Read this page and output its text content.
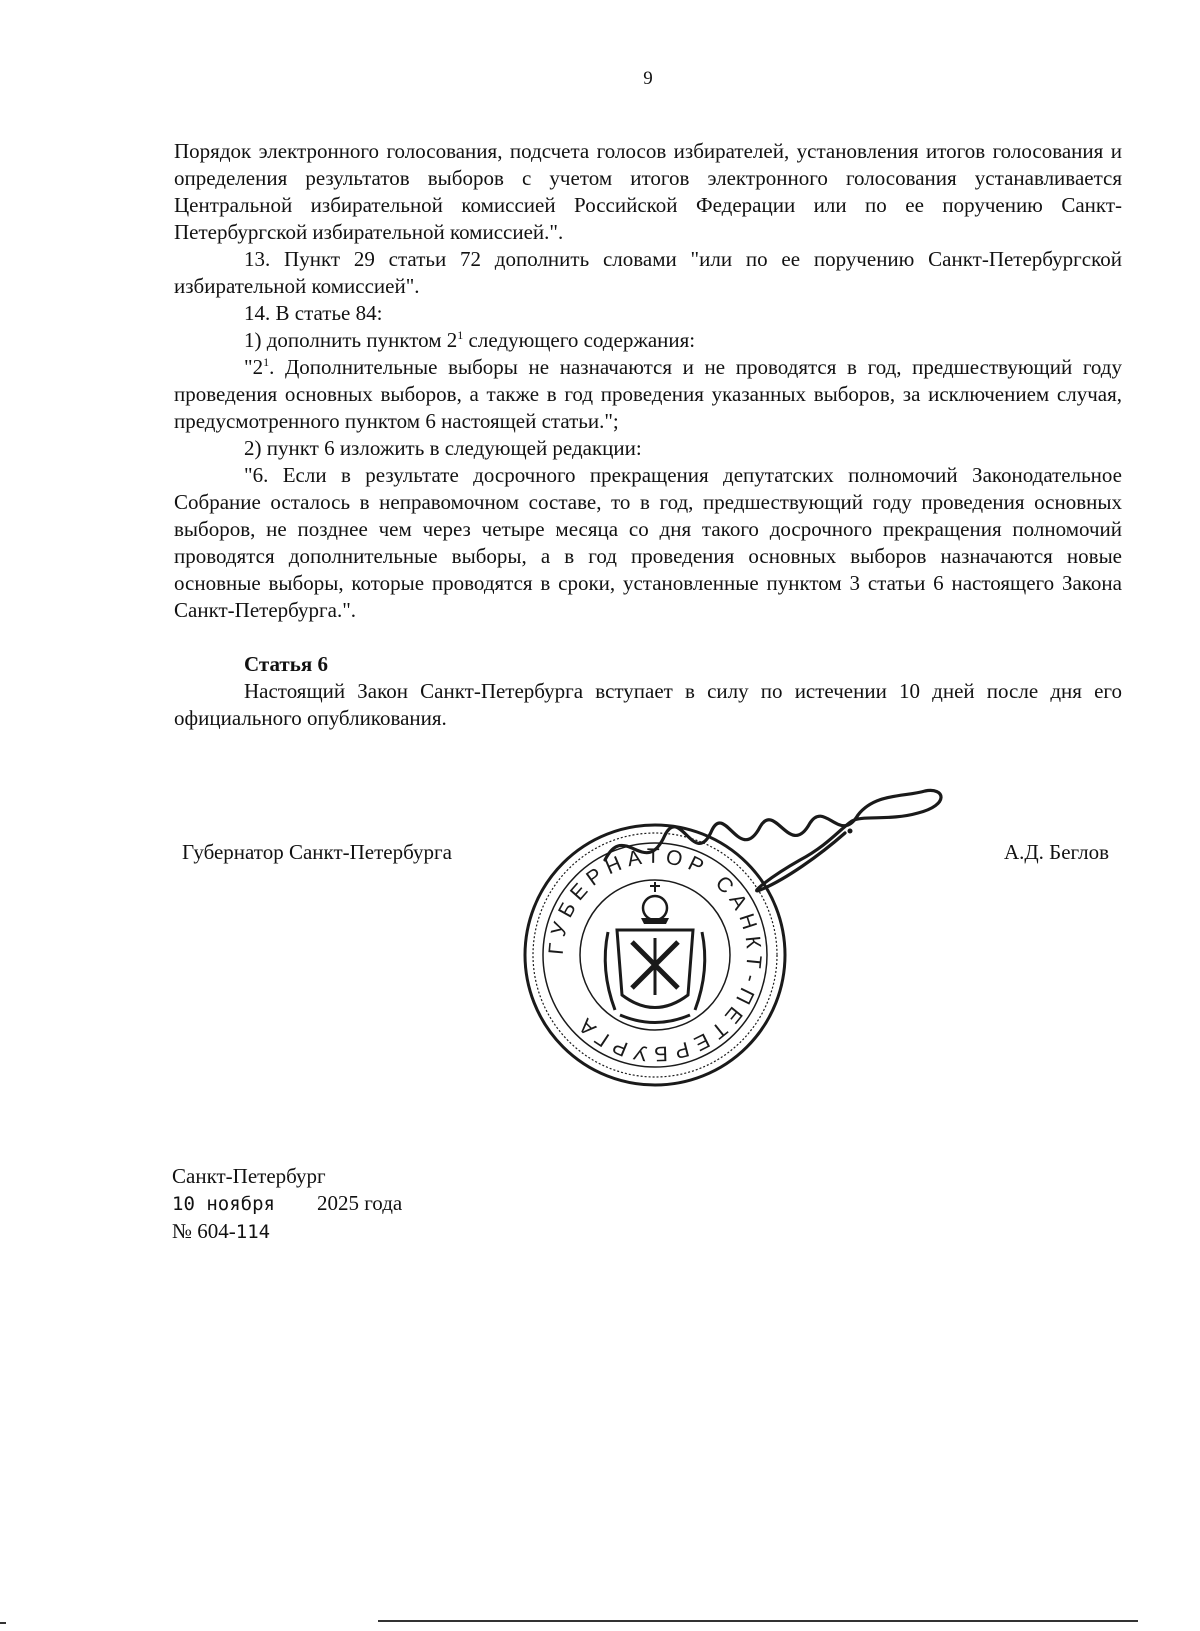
9

Порядок электронного голосования, подсчета голосов избирателей, установления итогов голосования и определения результатов выборов с учетом итогов электронного голосования устанавливается Центральной избирательной комиссией Российской Федерации или по ее поручению Санкт-Петербургской избирательной комиссией.".

13. Пункт 29 статьи 72 дополнить словами "или по ее поручению Санкт-Петербургской избирательной комиссией".

14. В статье 84:

1) дополнить пунктом $2^1$ следующего содержания:

"$2^1$. Дополнительные выборы не назначаются и не проводятся в год, предшествующий году проведения основных выборов, а также в год проведения указанных выборов, за исключением случая, предусмотренного пунктом 6 настоящей статьи.";

2) пункт 6 изложить в следующей редакции:

"6. Если в результате досрочного прекращения депутатских полномочий Законодательное Собрание осталось в неправомочном составе, то в год, предшествующий году проведения основных выборов, не позднее чем через четыре месяца со дня такого досрочного прекращения полномочий проводятся дополнительные выборы, а в год проведения основных выборов назначаются новые основные выборы, которые проводятся в сроки, установленные пунктом 3 статьи 6 настоящего Закона Санкт-Петербурга.".

Статья 6

Настоящий Закон Санкт-Петербурга вступает в силу по истечении 10 дней после дня его официального опубликования.

Губернатор Санкт-Петербурга	А.Д. Беглов
ГУБЕРНАТОР САНКТ-ПЕТЕРБУРГА
Санкт-Петербург
10 ноября 2025 года
№ 604-114
